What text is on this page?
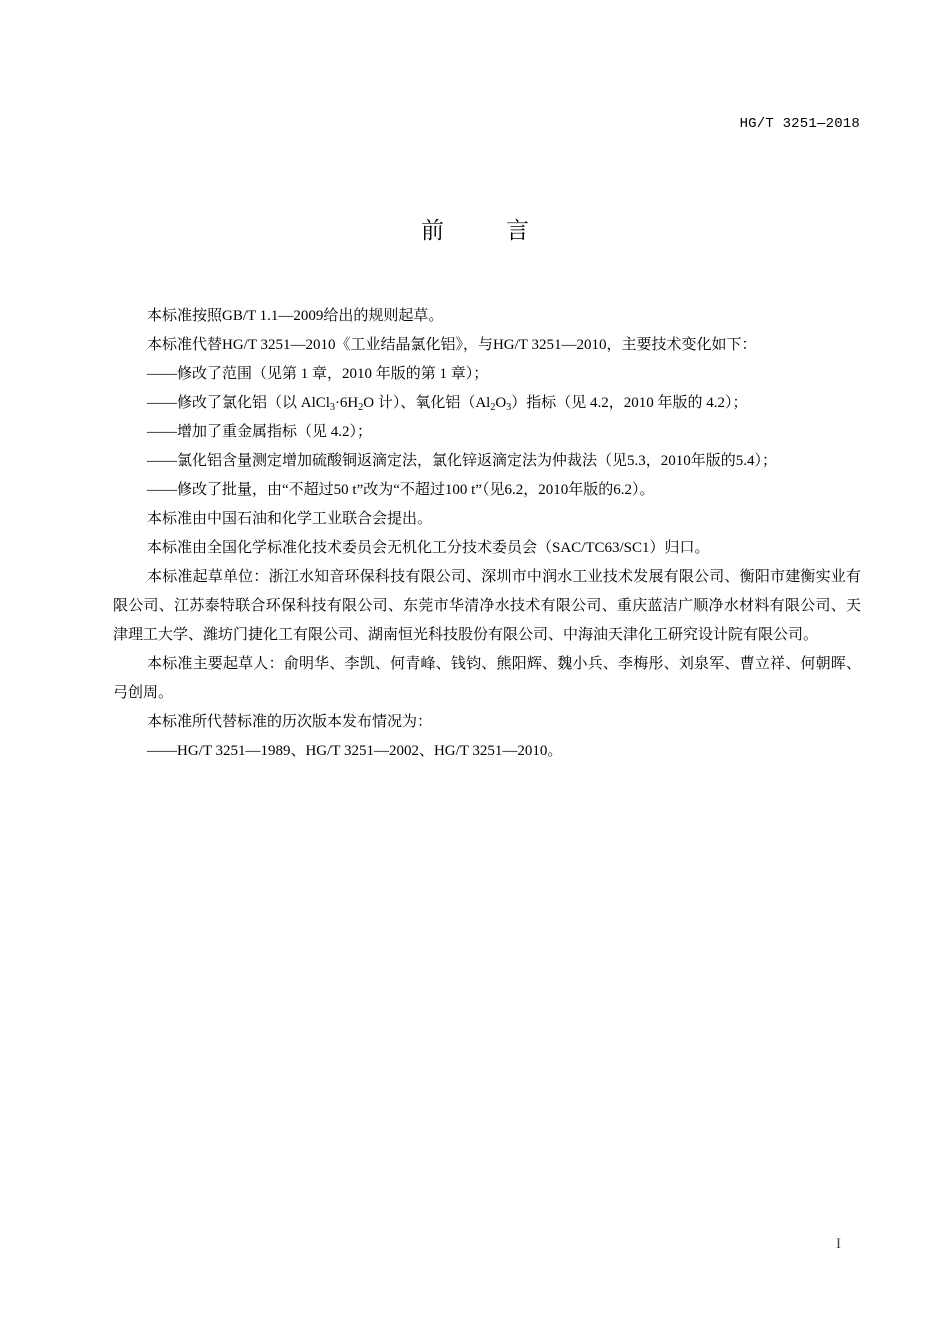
HG/T 3251—2018
前	言

本标准按照GB/T 1.1—2009给出的规则起草。

本标准代替HG/T 3251—2010《工业结晶氯化铝》，与HG/T 3251—2010，主要技术变化如下：

——修改了范围（见第 1 章，2010 年版的第 1 章）；

——修改了氯化铝（以 $AlCl_3\cdot 6H_2O$ 计）、氧化铝$(Al_2O_3)$指标（见 4.2，2010 年版的 4.2）；

——增加了重金属指标（见 4.2）；

——氯化铝含量测定增加硫酸铜返滴定法，氯化锌返滴定法为仲裁法（见5.3，2010年版的5.4）；

——修改了批量，由“不超过50 t”改为“不超过100 t”（见6.2，2010年版的6.2）。

本标准由中国石油和化学工业联合会提出。

本标准由全国化学标准化技术委员会无机化工分技术委员会（SAC/TC63/SC1）归口。

本标准起草单位：浙江水知音环保科技有限公司、深圳市中润水工业技术发展有限公司、衡阳市建衡实业有限公司、江苏泰特联合环保科技有限公司、东莞市华清净水技术有限公司、重庆蓝洁广顺净水材料有限公司、天津理工大学、潍坊门捷化工有限公司、湖南恒光科技股份有限公司、中海油天津化工研究设计院有限公司。

本标准主要起草人：俞明华、李凯、何青峰、钱钧、熊阳辉、魏小兵、李梅彤、刘泉军、曹立祥、何朝晖、弓创周。

本标准所代替标准的历次版本发布情况为：

——HG/T 3251—1989、HG/T 3251—2002、HG/T 3251—2010。

I
